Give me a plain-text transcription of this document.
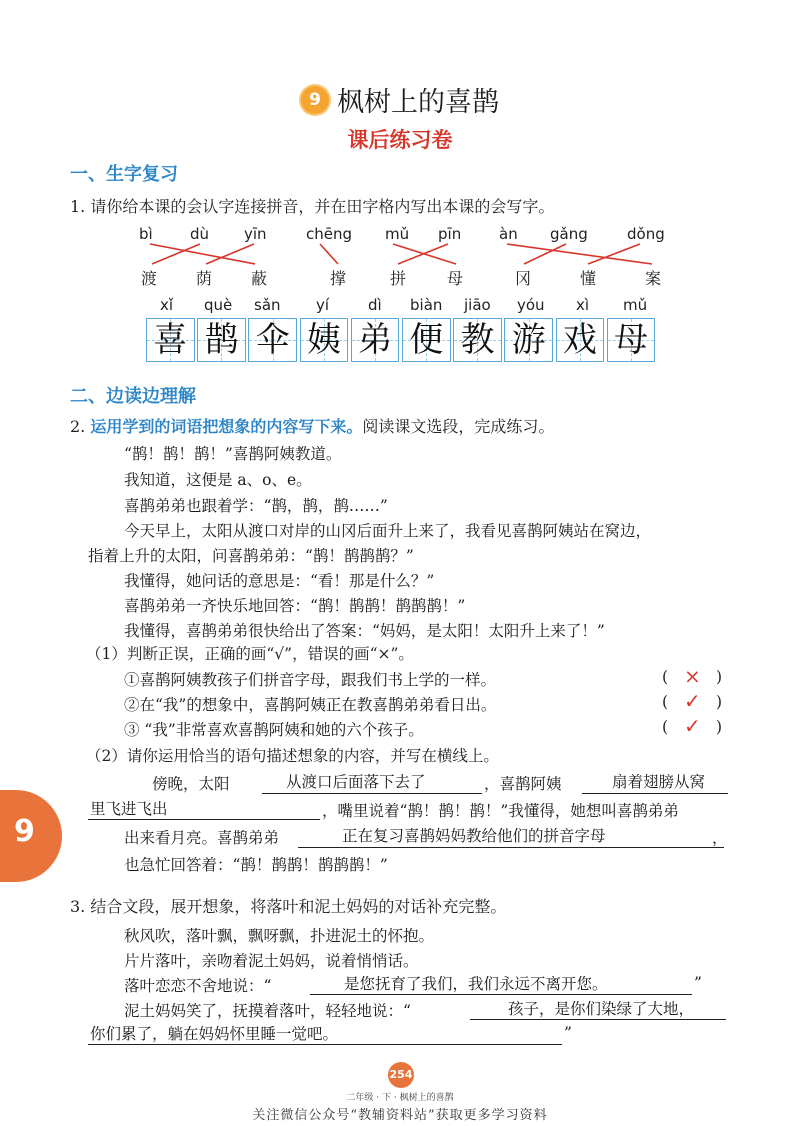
9 枫树上的喜鹊
课后练习卷
一、生字复习
1. 请你给本课的会认字连接拼音，并在田字格内写出本课的会写字。
bì dù yīn	chēng mǔ pīn	àn gǎng	dǒng
渡 荫 蔽	撑	拼	母	冈	懂	案
xǐ què sǎn yí	dì biàn jiāo yóu xì mǔ
喜 鹊 伞 姨 弟 便 教 游 戏 母
二、边读边理解
2. 运用学到的词语把想象的内容写下来。阅读课文选段，完成练习。
“鹊！鹊！鹊！”喜鹊阿姨教道。
我知道，这便是 a、o、e。
喜鹊弟弟也跟着学：“鹊，鹊，鹊……”
今天早上，太阳从渡口对岸的山冈后面升上来了，我看见喜鹊阿姨站在窝边，
指着上升的太阳，问喜鹊弟弟：“鹊！鹊鹊鹊？”
我懂得，她问话的意思是：“看！那是什么？”
喜鹊弟弟一齐快乐地回答：“鹊！鹊鹊！鹊鹊鹊！”
我懂得，喜鹊弟弟很快给出了答案：“妈妈，是太阳！太阳升上来了！”
（1）判断正误，正确的画“√”，错误的画“×”。
①喜鹊阿姨教孩子们拼音字母，跟我们书上学的一样。
②在“我”的想象中，喜鹊阿姨正在教喜鹊弟弟看日出。
③ “我”非常喜欢喜鹊阿姨和她的六个孩子。
( × )
( ✓ )
( ✓ )
（2）请你运用恰当的语句描述想象的内容，并写在横线上。
傍晚，太阳	从渡口后面落下去了	，喜鹊阿姨	扇着翅膀从窝
里飞进飞出	，嘴里说着“鹊！鹊！鹊！”我懂得，她想叫喜鹊弟弟
出来看月亮。喜鹊弟弟	正在复习喜鹊妈妈教给他们的拼音字母	，
也急忙回答着：“鹊！鹊鹊！鹊鹊鹊！”
3. 结合文段，展开想象，将落叶和泥土妈妈的对话补充完整。
秋风吹，落叶飘，飘呀飘，扑进泥土的怀抱。
片片落叶，亲吻着泥土妈妈，说着悄悄话。
落叶恋恋不舍地说：“	是您抚育了我们，我们永远不离开您。	”
泥土妈妈笑了，抚摸着落叶，轻轻地说：“	孩子，是你们染绿了大地，
你们累了，躺在妈妈怀里睡一觉吧。	”
9
254
二年级 · 下 · 枫树上的喜鹊
关注微信公众号“教辅资料站”获取更多学习资料
